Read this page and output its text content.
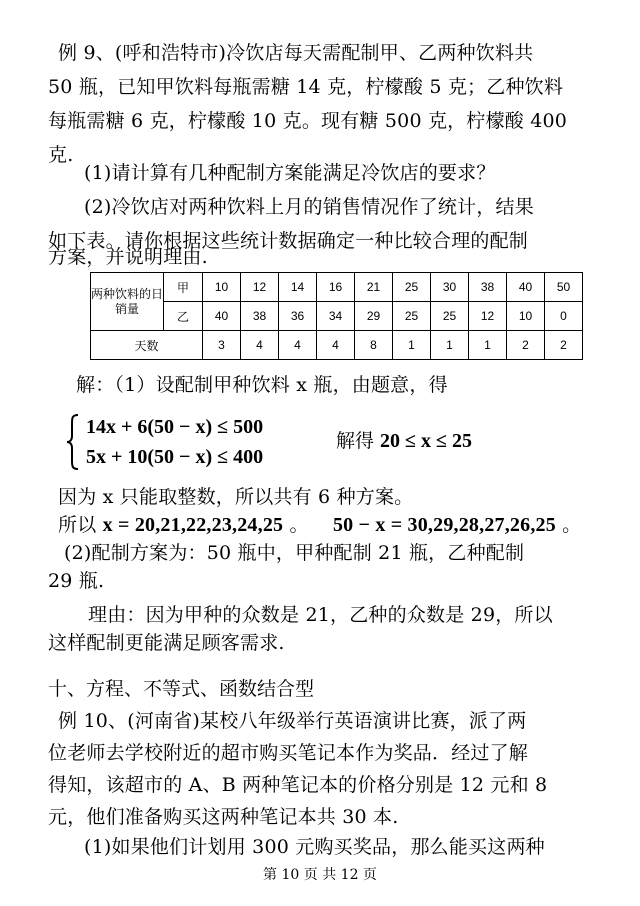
例 9、(呼和浩特市)冷饮店每天需配制甲、乙两种饮料共
50 瓶，已知甲饮料每瓶需糖 14 克，柠檬酸 5 克；乙种饮料
每瓶需糖 6 克，柠檬酸 10 克。现有糖 500 克，柠檬酸 400
克.
(1)请计算有几种配制方案能满足冷饮店的要求？
(2)冷饮店对两种饮料上月的销售情况作了统计，结果
如下表。请你根据这些统计数据确定一种比较合理的配制
方案，并说明理由.
两种饮料的日销量	甲	10	12	14	16	21	25	30	38	40	50
	乙	40	38	36	34	29	25	25	12	10	0
天数		3	4	4	4	8	1	1	1	2	2
解：（1）设配制甲种饮料 x 瓶，由题意，得
14x + 6(50 − x) ≤ 500
5x + 10(50 − x) ≤ 400
解得 20 ≤ x ≤ 25
因为 x 只能取整数，所以共有 6 种方案。
所以 x = 20,21,22,23,24,25 。 50 − x = 30,29,28,27,26,25 。
(2)配制方案为：50 瓶中，甲种配制 21 瓶，乙种配制
29 瓶.
理由：因为甲种的众数是 21，乙种的众数是 29，所以
这样配制更能满足顾客需求.
十、方程、不等式、函数结合型
例 10、(河南省)某校八年级举行英语演讲比赛，派了两
位老师去学校附近的超市购买笔记本作为奖品．经过了解
得知，该超市的 A、B 两种笔记本的价格分别是 12 元和 8
元，他们准备购买这两种笔记本共 30 本.
(1)如果他们计划用 300 元购买奖品，那么能买这两种
第 10 页 共 12 页
